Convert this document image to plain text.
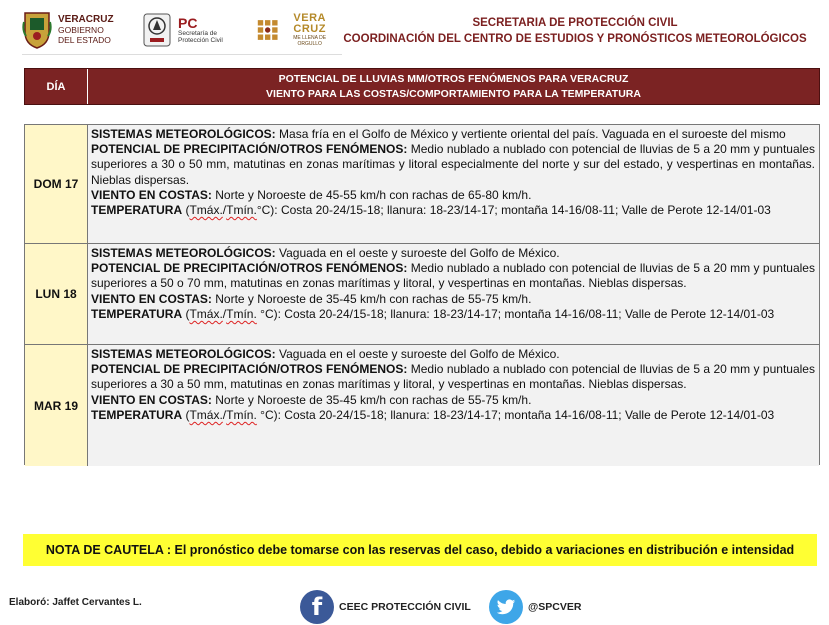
VERACRUZ
GOBIERNO
DEL ESTADO
PC
Secretaría de
Protección Civil
VERA
CRUZ
ME LLENA DE ORGULLO
SECRETARIA DE PROTECCIÓN CIVIL
COORDINACIÓN DEL CENTRO DE ESTUDIOS Y PRONÓSTICOS METEOROLÓGICOS
DÍA
POTENCIAL DE LLUVIAS MM/OTROS FENÓMENOS PARA VERACRUZ
VIENTO PARA LAS COSTAS/COMPORTAMIENTO PARA LA TEMPERATURA
DOM 17
SISTEMAS METEOROLÓGICOS: Masa fría en el Golfo de México y vertiente oriental del país. Vaguada en el suroeste del mismo
POTENCIAL DE PRECIPITACIÓN/OTROS FENÓMENOS: Medio nublado a nublado con potencial de lluvias de 5 a 20 mm y puntuales superiores a 30 o 50 mm, matutinas en zonas marítimas y litoral especialmente del norte y sur del estado, y vespertinas en montañas. Nieblas dispersas.
VIENTO EN COSTAS: Norte y Noroeste de 45-55 km/h con rachas de 65-80 km/h.
TEMPERATURA (Tmáx./Tmín.°C): Costa 20-24/15-18; llanura: 18-23/14-17; montaña 14-16/08-11; Valle de Perote 12-14/01-03
LUN 18
SISTEMAS METEOROLÓGICOS: Vaguada en el oeste y suroeste del Golfo de México.
POTENCIAL DE PRECIPITACIÓN/OTROS FENÓMENOS: Medio nublado a nublado con potencial de lluvias de 5 a 20 mm y puntuales superiores a 50 o 70 mm, matutinas en zonas marítimas y litoral, y vespertinas en montañas. Nieblas dispersas.
VIENTO EN COSTAS: Norte y Noroeste de 35-45 km/h con rachas de 55-75 km/h.
TEMPERATURA (Tmáx./Tmín. °C): Costa 20-24/15-18; llanura: 18-23/14-17; montaña 14-16/08-11; Valle de Perote 12-14/01-03
MAR 19
SISTEMAS METEOROLÓGICOS: Vaguada en el oeste y suroeste del Golfo de México.
POTENCIAL DE PRECIPITACIÓN/OTROS FENÓMENOS: Medio nublado a nublado con potencial de lluvias de 5 a 20 mm y puntuales superiores a 30 a 50 mm, matutinas en zonas marítimas y litoral, y vespertinas en montañas. Nieblas dispersas.
VIENTO EN COSTAS: Norte y Noroeste de 35-45 km/h con rachas de 55-75 km/h.
TEMPERATURA (Tmáx./Tmín. °C): Costa 20-24/15-18; llanura: 18-23/14-17; montaña 14-16/08-11; Valle de Perote 12-14/01-03
NOTA DE CAUTELA : El pronóstico debe tomarse con las reservas del caso, debido a variaciones en distribución e intensidad
Elaboró: Jaffet Cervantes L.	f	CEEC PROTECCIÓN CIVIL	@SPCVER
